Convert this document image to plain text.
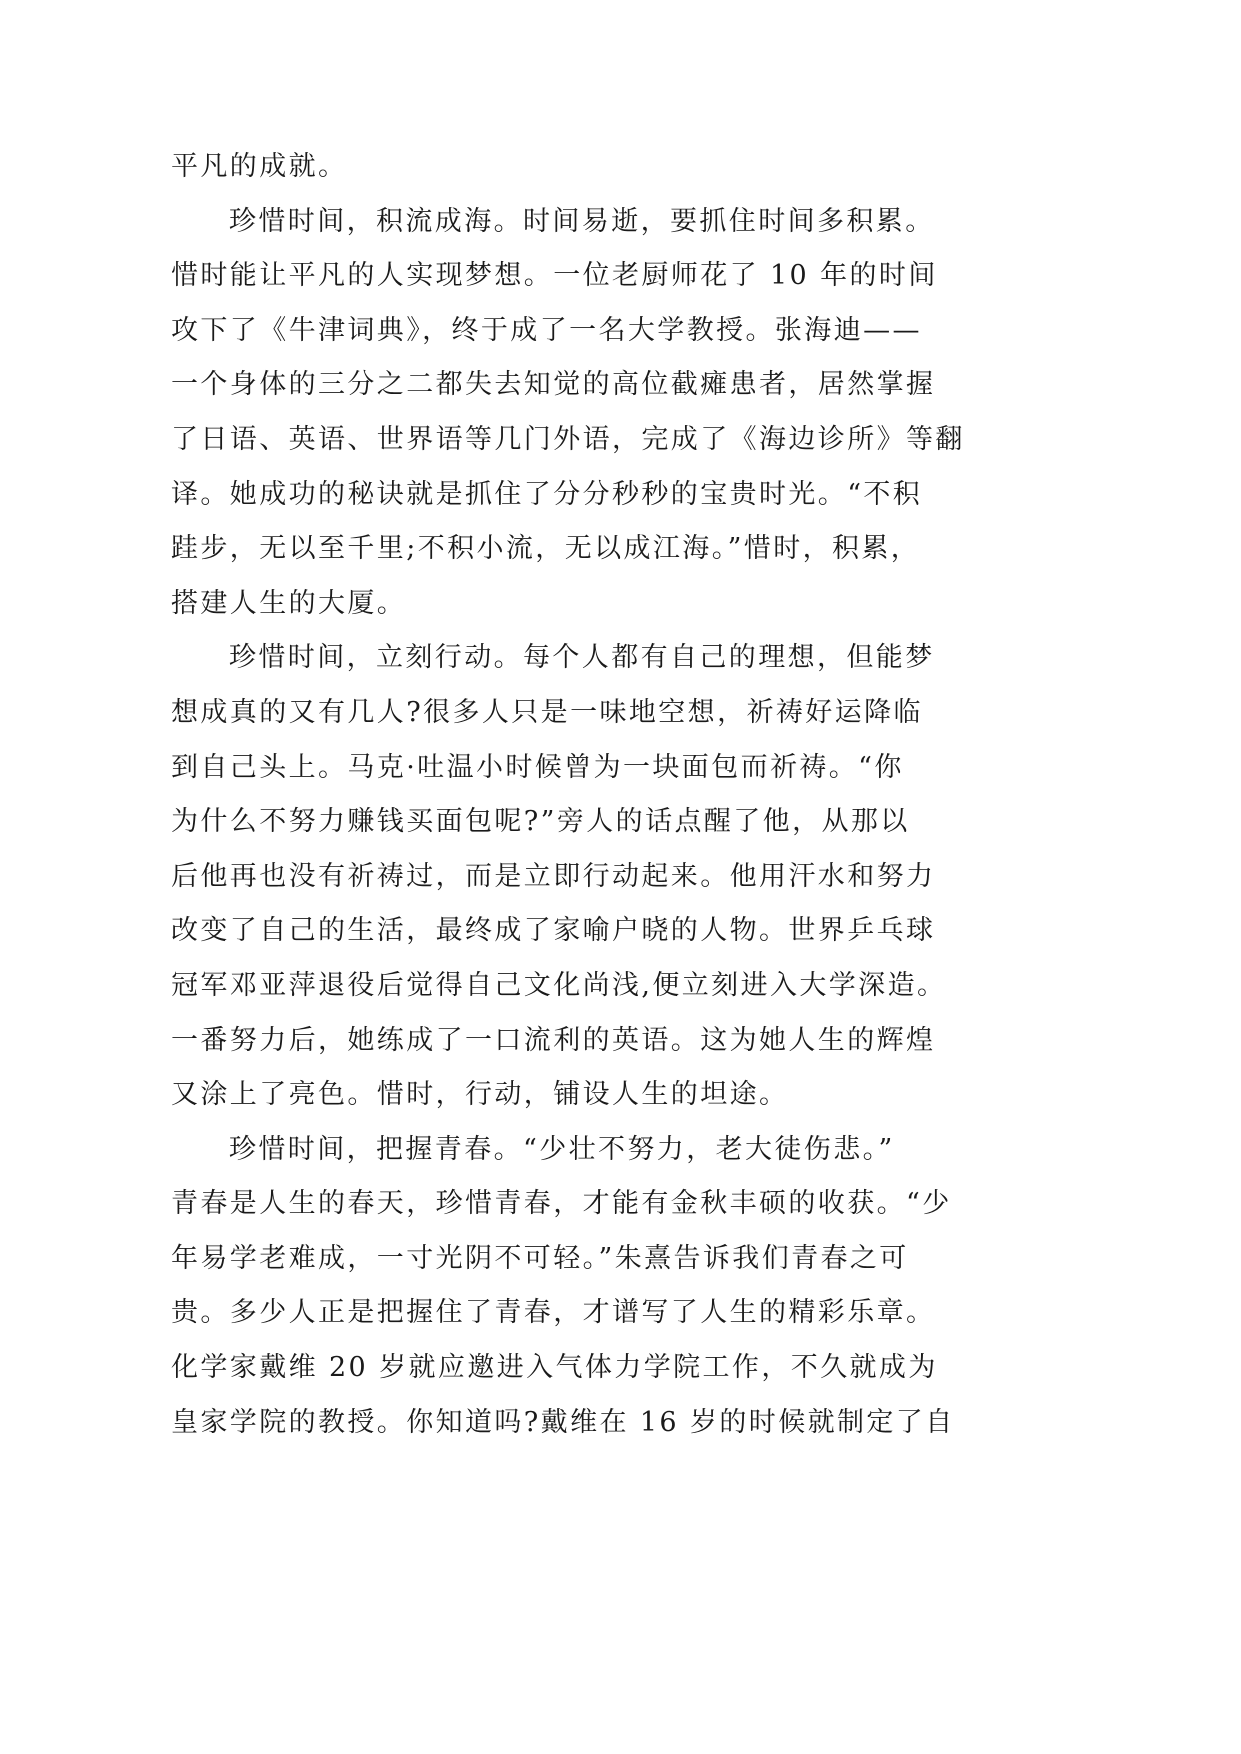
平凡的成就。
珍惜时间，积流成海。时间易逝，要抓住时间多积累。
惜时能让平凡的人实现梦想。一位老厨师花了 10 年的时间
攻下了《牛津词典》，终于成了一名大学教授。张海迪——
一个身体的三分之二都失去知觉的高位截瘫患者，居然掌握
了日语、英语、世界语等几门外语，完成了《海边诊所》等翻
译。她成功的秘诀就是抓住了分分秒秒的宝贵时光。“不积
跬步，无以至千里;不积小流，无以成江海。”惜时，积累，
搭建人生的大厦。
珍惜时间，立刻行动。每个人都有自己的理想，但能梦
想成真的又有几人?很多人只是一味地空想，祈祷好运降临
到自己头上。马克·吐温小时候曾为一块面包而祈祷。“你
为什么不努力赚钱买面包呢?”旁人的话点醒了他，从那以
后他再也没有祈祷过，而是立即行动起来。他用汗水和努力
改变了自己的生活，最终成了家喻户晓的人物。世界乒乓球
冠军邓亚萍退役后觉得自己文化尚浅,便立刻进入大学深造。
一番努力后，她练成了一口流利的英语。这为她人生的辉煌
又涂上了亮色。惜时，行动，铺设人生的坦途。
珍惜时间，把握青春。“少壮不努力，老大徒伤悲。”
青春是人生的春天，珍惜青春，才能有金秋丰硕的收获。“少
年易学老难成，一寸光阴不可轻。”朱熹告诉我们青春之可
贵。多少人正是把握住了青春，才谱写了人生的精彩乐章。
化学家戴维 20 岁就应邀进入气体力学院工作，不久就成为
皇家学院的教授。你知道吗?戴维在 16 岁的时候就制定了自
